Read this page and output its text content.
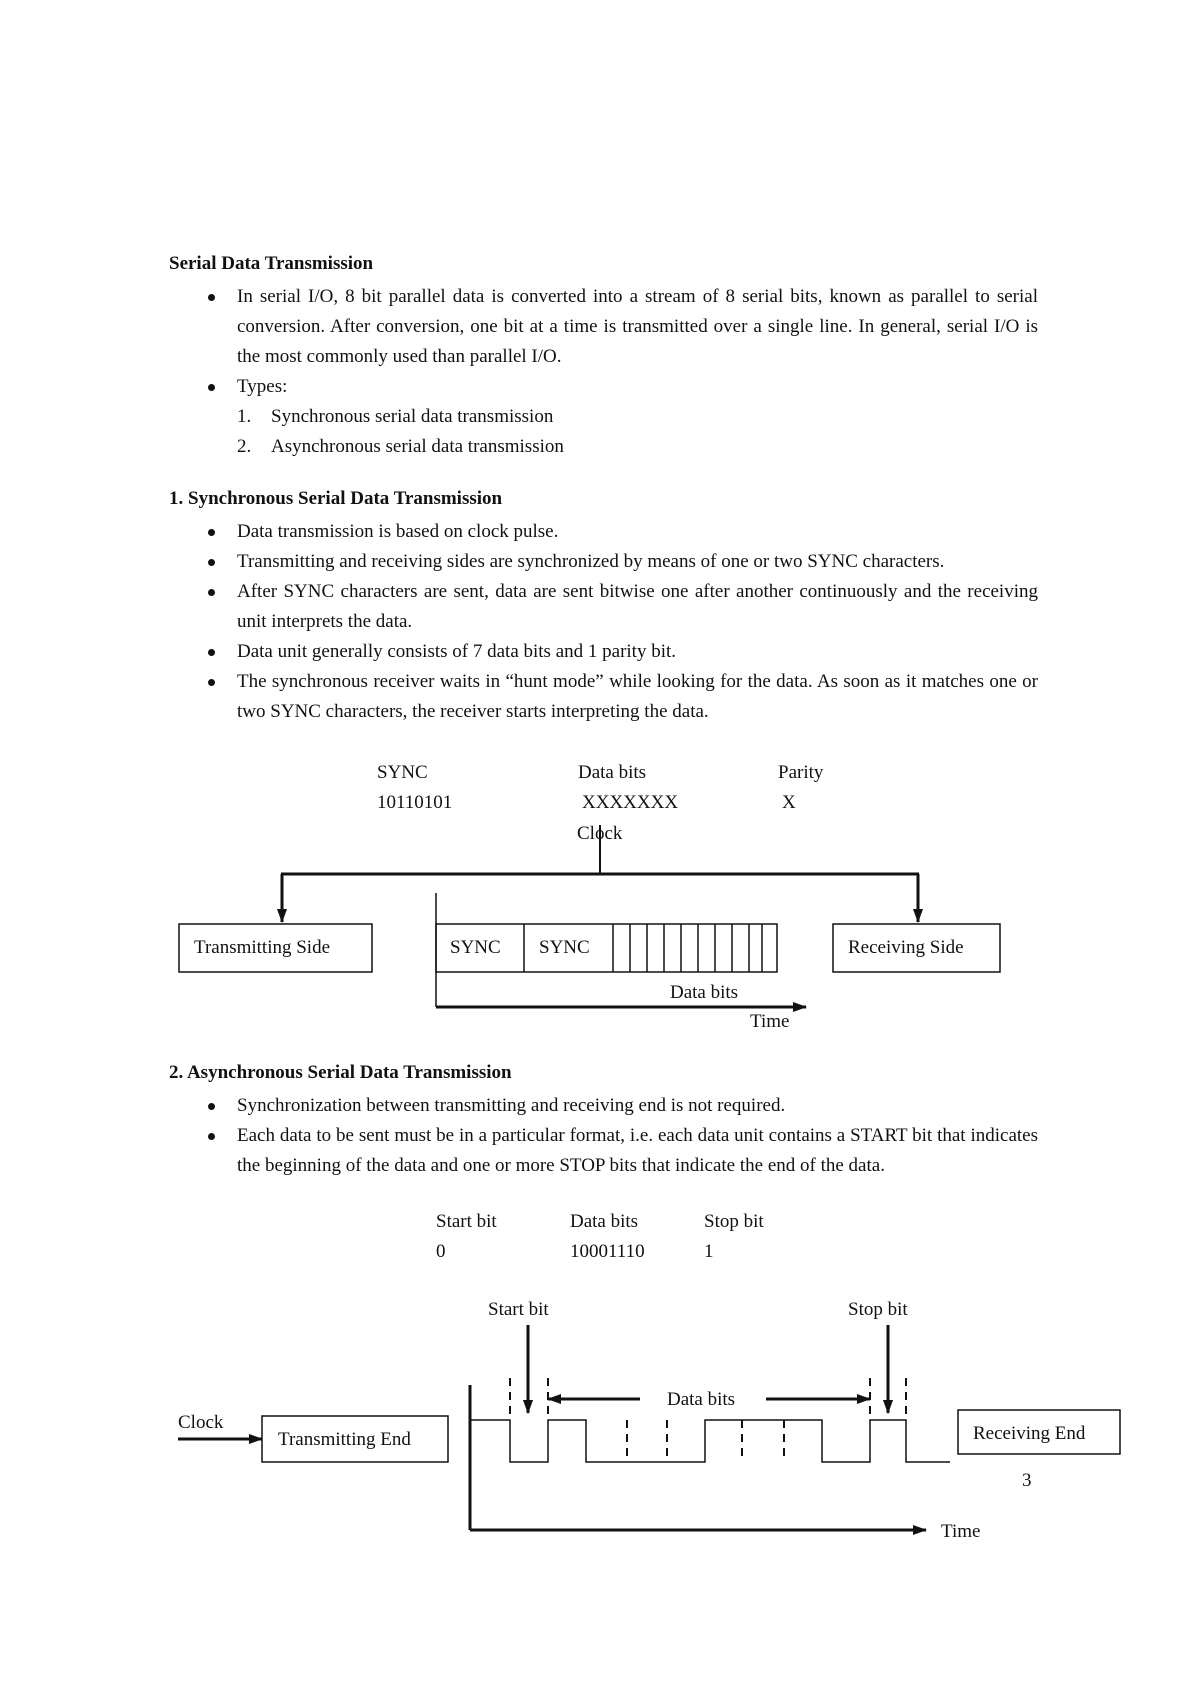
Serial Data Transmission
In serial I/O, 8 bit parallel data is converted into a stream of 8 serial bits, known as parallel to serial conversion. After conversion, one bit at a time is transmitted over a single line. In general, serial I/O is the most commonly used than parallel I/O.
Types:
1. Synchronous serial data transmission
2. Asynchronous serial data transmission
1. Synchronous Serial Data Transmission
Data transmission is based on clock pulse.
Transmitting and receiving sides are synchronized by means of one or two SYNC characters.
After SYNC characters are sent, data are sent bitwise one after another continuously and the receiving unit interprets the data.
Data unit generally consists of 7 data bits and 1 parity bit.
The synchronous receiver waits in “hunt mode” while looking for the data. As soon as it matches one or two SYNC characters, the receiver starts interpreting the data.
SYNC	Data bits	Parity
10110101	XXXXXXX	X
Clock
Transmitting Side	Receiving Side
SYNC SYNC
Data bits
Time
2. Asynchronous Serial Data Transmission
Synchronization between transmitting and receiving end is not required.
Each data to be sent must be in a particular format, i.e. each data unit contains a START bit that indicates the beginning of the data and one or more STOP bits that indicate the end of the data.
Start bit	Data bits	Stop bit
0	10001110	1
Start bit	Stop bit
Data bits
Clock
Transmitting End	Receiving End
Time
3
